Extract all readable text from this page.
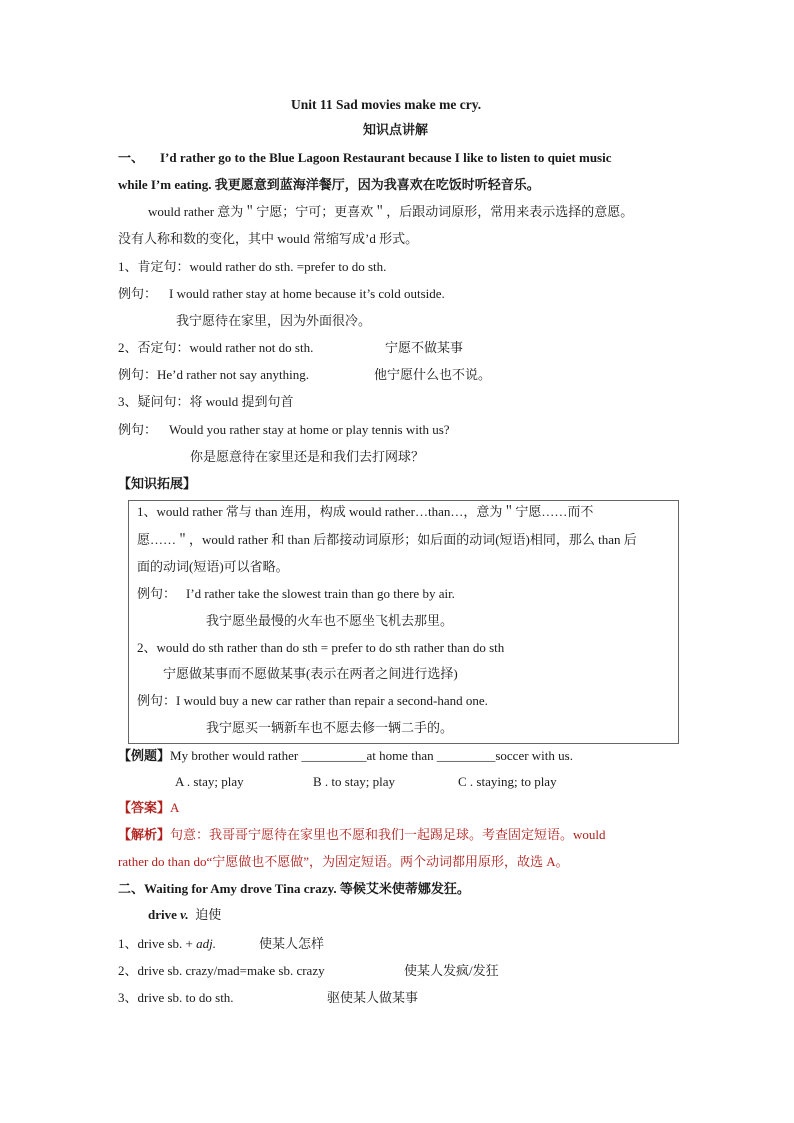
Unit 11 Sad movies make me cry.
知识点讲解
一、 I’d rather go to the Blue Lagoon Restaurant because I like to listen to quiet music
while I’m eating. 我更愿意到蓝海洋餐厅，因为我喜欢在吃饭时听轻音乐。
would rather 意为＂宁愿；宁可；更喜欢＂，后跟动词原形，常用来表示选择的意愿。
没有人称和数的变化，其中 would 常缩写成’d 形式。
1、肯定句：would rather do sth. =prefer to do sth.
例句： I would rather stay at home because it’s cold outside.
我宁愿待在家里，因为外面很冷。
2、否定句：would rather not do sth.	宁愿不做某事
例句：He’d rather not say anything.	他宁愿什么也不说。
3、疑问句：将 would 提到句首
例句： Would you rather stay at home or play tennis with us?
你是愿意待在家里还是和我们去打网球？
【知识拓展】
1、would rather 常与 than 连用，构成 would rather…than…，意为＂宁愿……而不
愿……＂，would rather 和 than 后都接动词原形；如后面的动词(短语)相同，那么 than 后
面的动词(短语)可以省略。
例句： I’d rather take the slowest train than go there by air.
我宁愿坐最慢的火车也不愿坐飞机去那里。
2、would do sth rather than do sth = prefer to do sth rather than do sth
宁愿做某事而不愿做某事(表示在两者之间进行选择)
例句：I would buy a new car rather than repair a second-hand one.
我宁愿买一辆新车也不愿去修一辆二手的。
【例题】My brother would rather __________at home than _________soccer with us.
A . stay; play	B . to stay; play	C . staying; to play
【答案】A
【解析】句意：我哥哥宁愿待在家里也不愿和我们一起踢足球。考查固定短语。would
rather do than do“宁愿做也不愿做”，为固定短语。两个动词都用原形，故选 A。
二、Waiting for Amy drove Tina crazy. 等候艾米使蒂娜发狂。
drive v. 迫使
1、drive sb. + adj.	使某人怎样
2、drive sb. crazy/mad=make sb. crazy	使某人发疯/发狂
3、drive sb. to do sth.	驱使某人做某事
